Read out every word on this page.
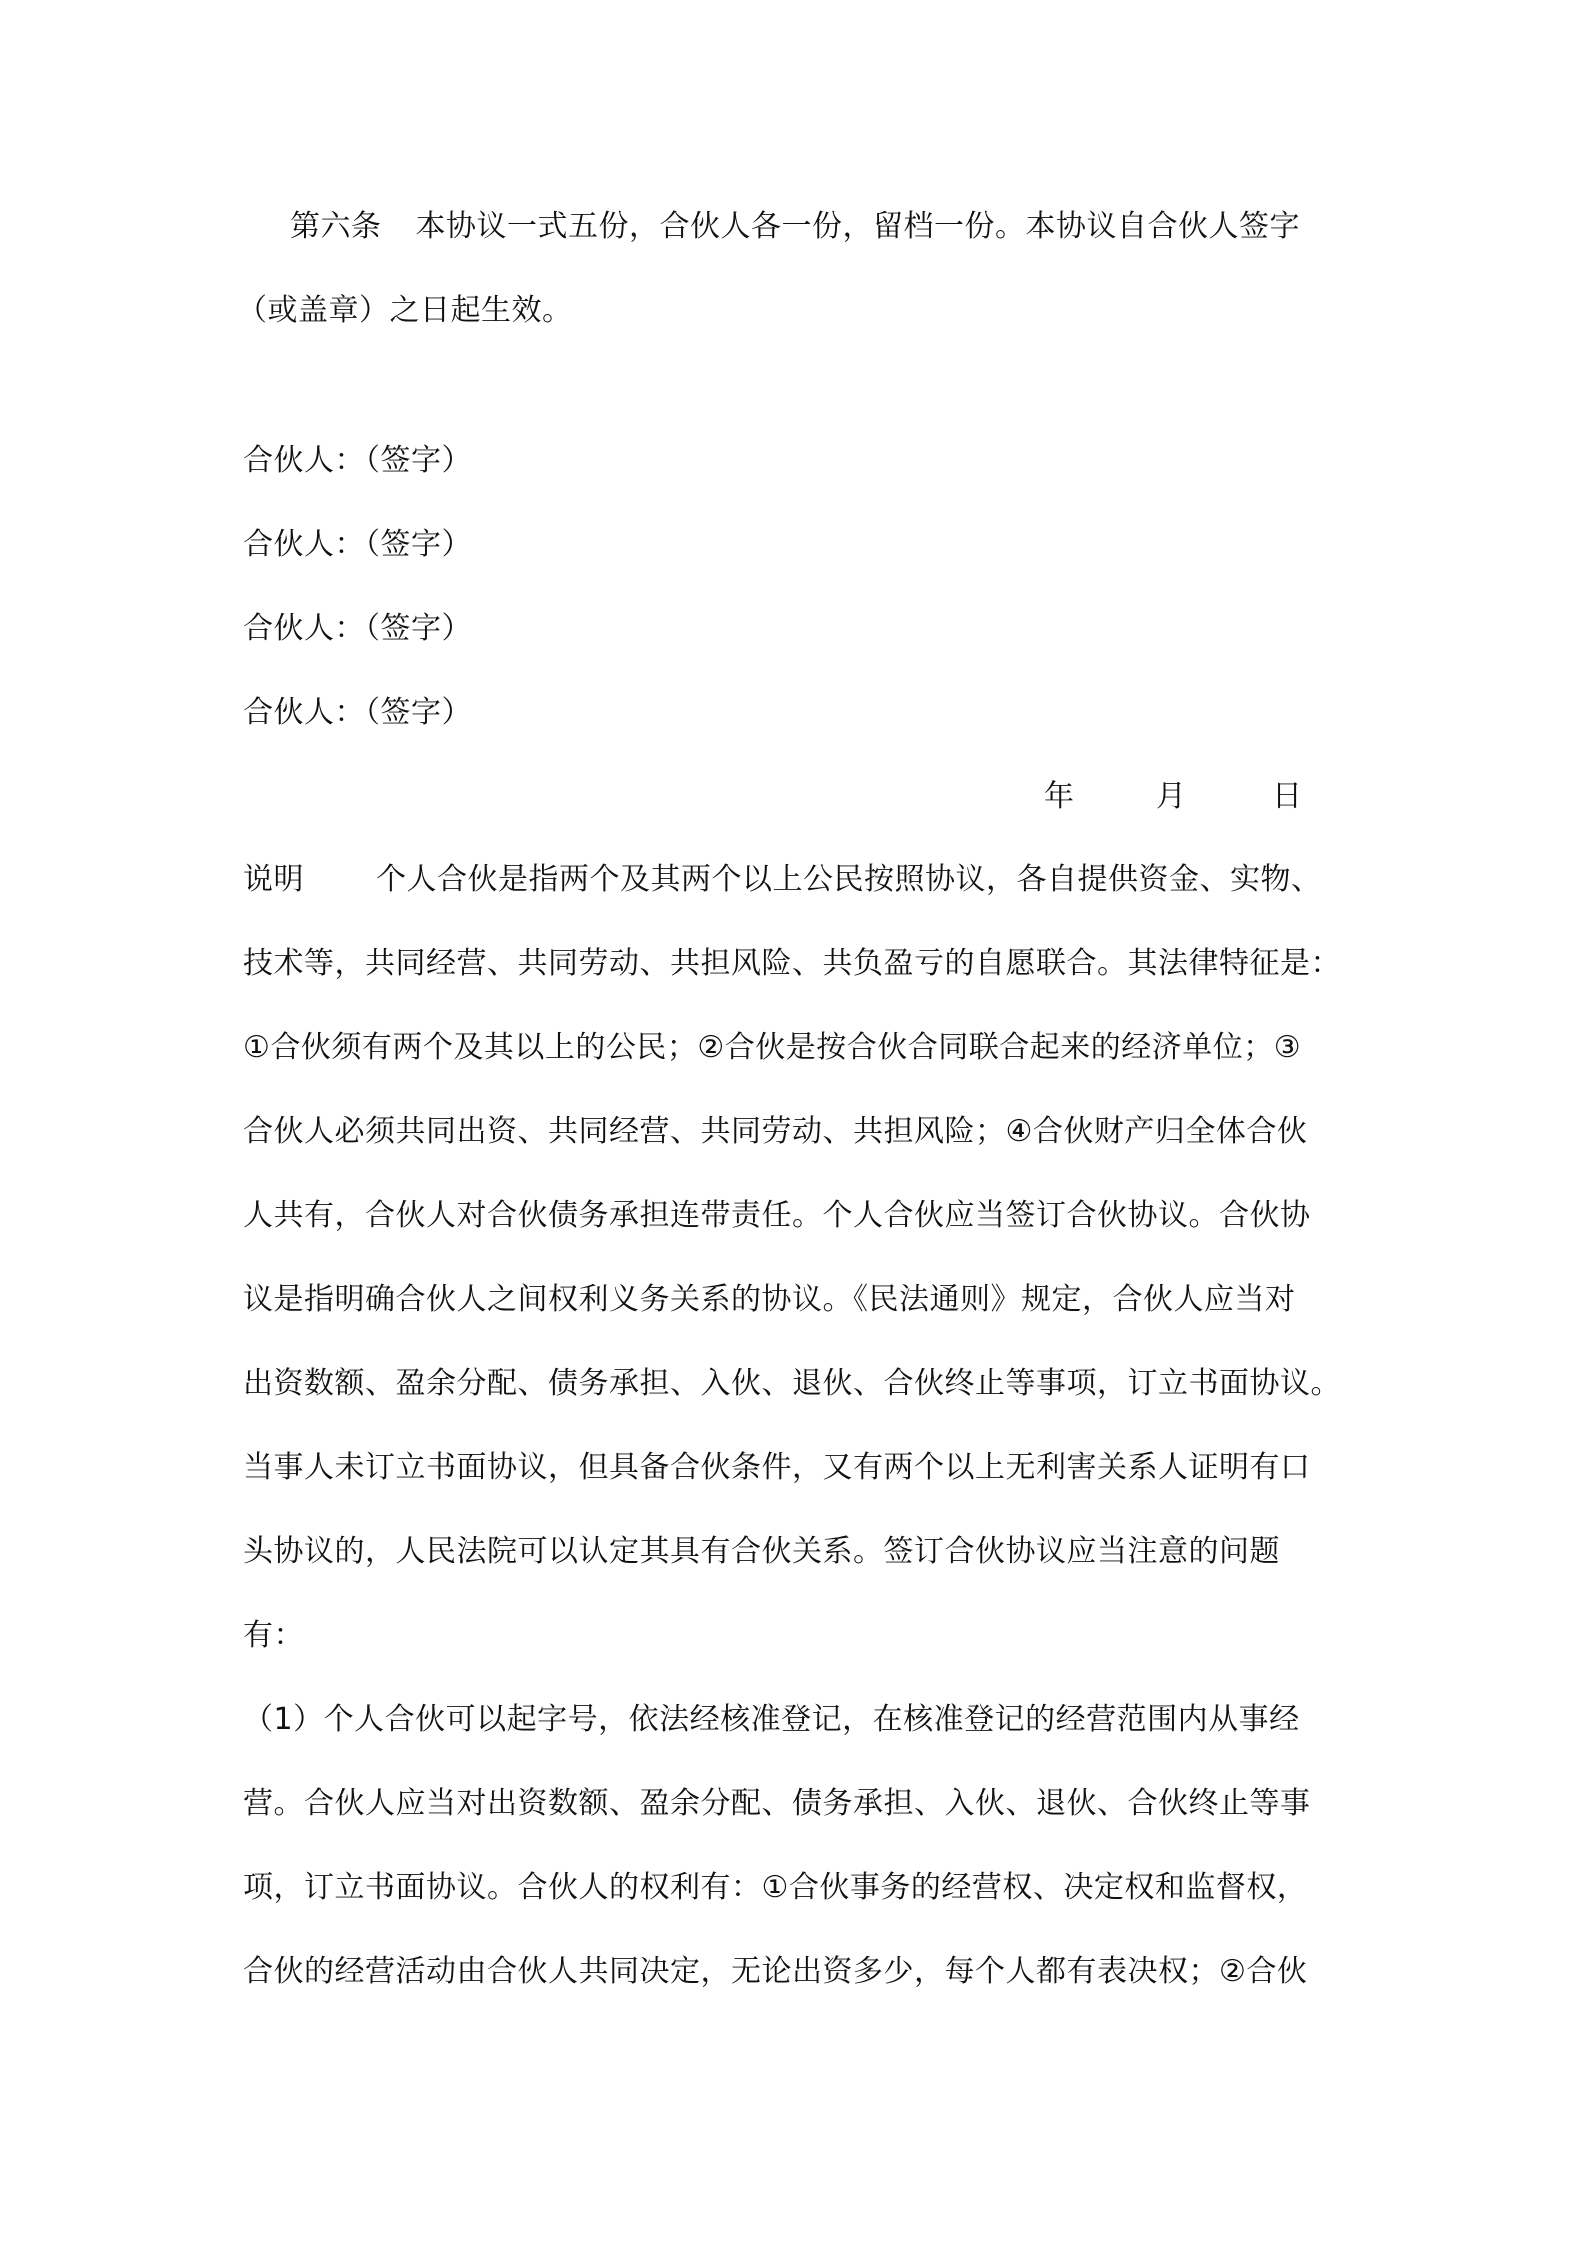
第六条 本协议一式五份，合伙人各一份，留档一份。本协议自合伙人签字
（或盖章）之日起生效。
合伙人：（签字）
合伙人：（签字）
合伙人：（签字）
合伙人：（签字）
年	月	日
说明 个人合伙是指两个及其两个以上公民按照协议，各自提供资金、实物、
技术等，共同经营、共同劳动、共担风险、共负盈亏的自愿联合。其法律特征是：
①合伙须有两个及其以上的公民；②合伙是按合伙合同联合起来的经济单位；③
合伙人必须共同出资、共同经营、共同劳动、共担风险；④合伙财产归全体合伙
人共有，合伙人对合伙债务承担连带责任。个人合伙应当签订合伙协议。合伙协
议是指明确合伙人之间权利义务关系的协议。《民法通则》规定，合伙人应当对
出资数额、盈余分配、债务承担、入伙、退伙、合伙终止等事项，订立书面协议。
当事人未订立书面协议，但具备合伙条件，又有两个以上无利害关系人证明有口
头协议的，人民法院可以认定其具有合伙关系。签订合伙协议应当注意的问题
有：
（1）个人合伙可以起字号，依法经核准登记，在核准登记的经营范围内从事经
营。合伙人应当对出资数额、盈余分配、债务承担、入伙、退伙、合伙终止等事
项，订立书面协议。合伙人的权利有：①合伙事务的经营权、决定权和监督权，
合伙的经营活动由合伙人共同决定，无论出资多少，每个人都有表决权；②合伙
